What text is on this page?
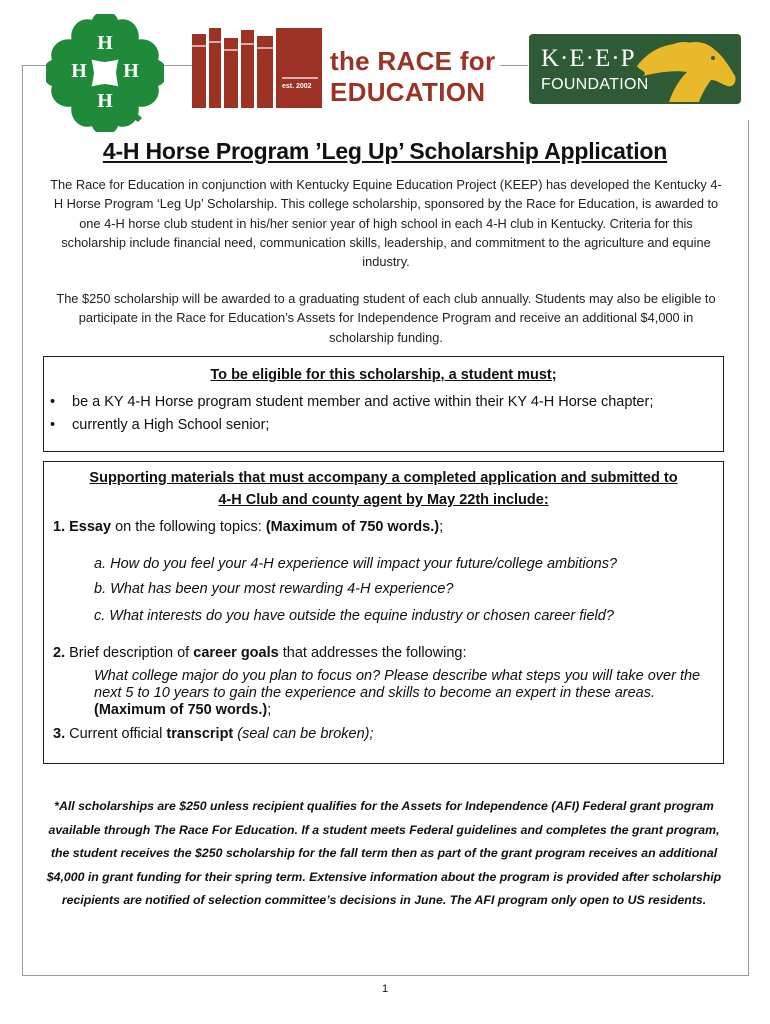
H
H H
H
est. 2002
the RACE for
EDUCATION
K·E·E·P
FOUNDATION
4-H Horse Program ’Leg Up’ Scholarship Application

The Race for Education in conjunction with Kentucky Equine Education Project (KEEP) has developed the Kentucky 4-H Horse Program ‘Leg Up’ Scholarship. This college scholarship, sponsored by the Race for Education, is awarded to one 4-H horse club student in his/her senior year of high school in each 4-H club in Kentucky. Criteria for this scholarship include financial need, communication skills, leadership, and commitment to the agriculture and equine industry.

The $250 scholarship will be awarded to a graduating student of each club annually. Students may also be eligible to participate in the Race for Education’s Assets for Independence Program and receive an additional $4,000 in scholarship funding.

To be eligible for this scholarship, a student must;
• be a KY 4-H Horse program student member and active within their KY 4-H Horse chapter;
• currently a High School senior;
Supporting materials that must accompany a completed application and submitted to
4-H Club and county agent by May 22th include:
1. Essay on the following topics: (Maximum of 750 words.);
a. How do you feel your 4-H experience will impact your future/college ambitions?
b. What has been your most rewarding 4-H experience?
c. What interests do you have outside the equine industry or chosen career field?
2. Brief description of career goals that addresses the following:
What college major do you plan to focus on? Please describe what steps you will take over the next 5 to 10 years to gain the experience and skills to become an expert in these areas. (Maximum of 750 words.);
3. Current official transcript (seal can be broken);

*All scholarships are $250 unless recipient qualifies for the Assets for Independence (AFI) Federal grant program available through The Race For Education. If a student meets Federal guidelines and completes the grant program, the student receives the $250 scholarship for the fall term then as part of the grant program receives an additional $4,000 in grant funding for their spring term. Extensive information about the program is provided after scholarship recipients are notified of selection committee’s decisions in June. The AFI program only open to US residents.

1
